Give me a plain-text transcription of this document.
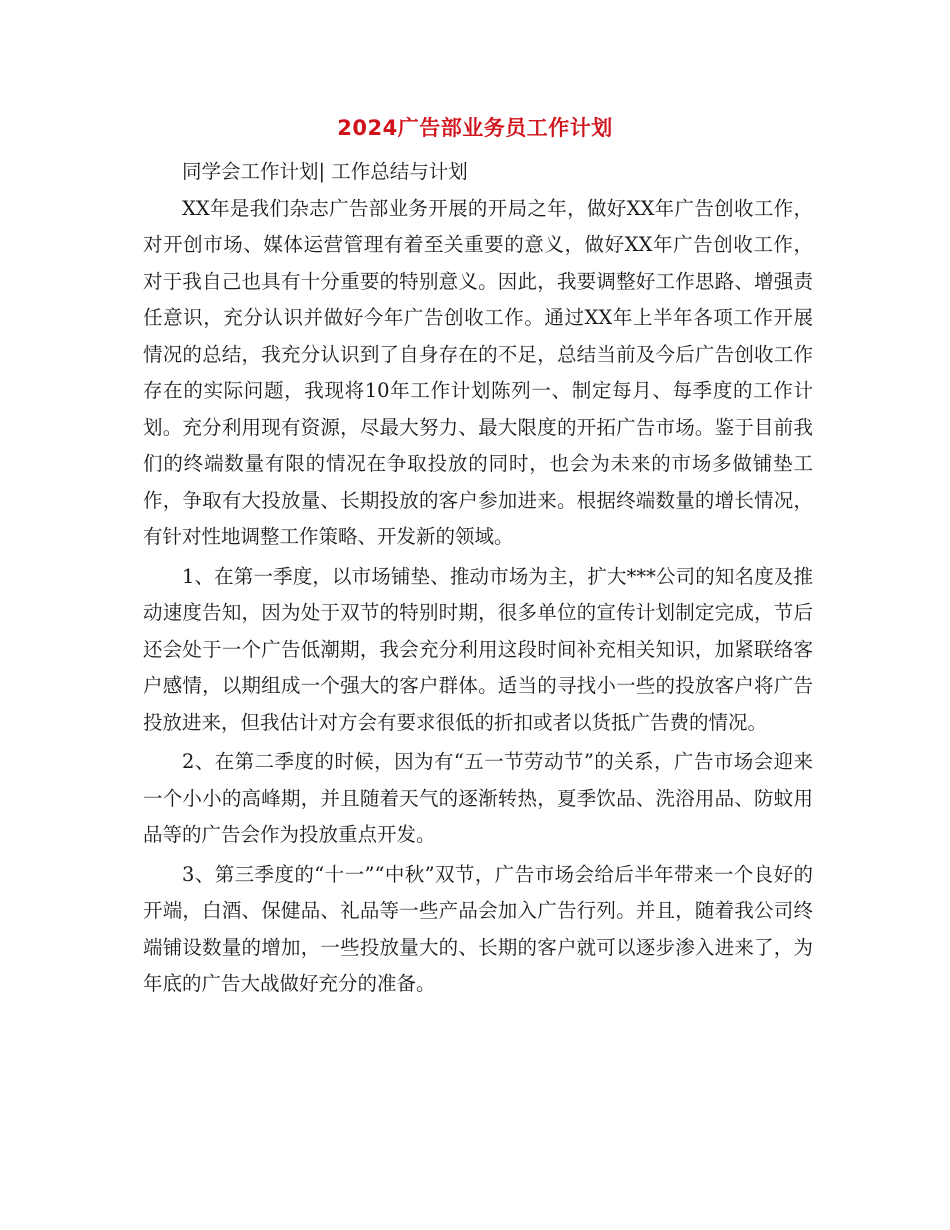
2024广告部业务员工作计划

同学会工作计划| 工作总结与计划

XX年是我们杂志广告部业务开展的开局之年，做好XX年广告创收工作，对开创市场、媒体运营管理有着至关重要的意义，做好XX年广告创收工作，对于我自己也具有十分重要的特别意义。因此，我要调整好工作思路、增强责任意识，充分认识并做好今年广告创收工作。通过XX年上半年各项工作开展情况的总结，我充分认识到了自身存在的不足，总结当前及今后广告创收工作存在的实际问题，我现将10年工作计划陈列一、制定每月、每季度的工作计划。充分利用现有资源，尽最大努力、最大限度的开拓广告市场。鉴于目前我们的终端数量有限的情况在争取投放的同时，也会为未来的市场多做铺垫工作，争取有大投放量、长期投放的客户参加进来。根据终端数量的增长情况，有针对性地调整工作策略、开发新的领域。

1、在第一季度，以市场铺垫、推动市场为主，扩大***公司的知名度及推动速度告知，因为处于双节的特别时期，很多单位的宣传计划制定完成，节后还会处于一个广告低潮期，我会充分利用这段时间补充相关知识，加紧联络客户感情，以期组成一个强大的客户群体。适当的寻找小一些的投放客户将广告投放进来，但我估计对方会有要求很低的折扣或者以货抵广告费的情况。

2、在第二季度的时候，因为有“五一节劳动节”的关系，广告市场会迎来一个小小的高峰期，并且随着天气的逐渐转热，夏季饮品、洗浴用品、防蚊用品等的广告会作为投放重点开发。

3、第三季度的“十一”“中秋”双节，广告市场会给后半年带来一个良好的开端，白酒、保健品、礼品等一些产品会加入广告行列。并且，随着我公司终端铺设数量的增加，一些投放量大的、长期的客户就可以逐步渗入进来了，为年底的广告大战做好充分的准备。
